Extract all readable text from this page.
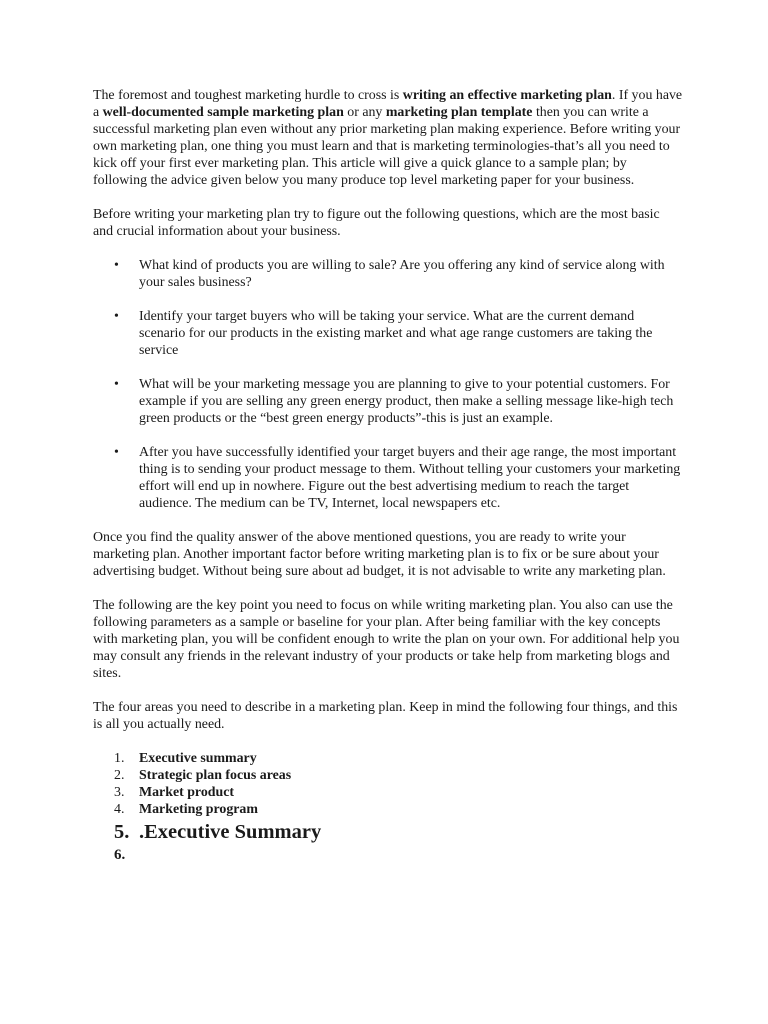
The foremost and toughest marketing hurdle to cross is writing an effective marketing plan. If you have a well-documented sample marketing plan or any marketing plan template then you can write a successful marketing plan even without any prior marketing plan making experience. Before writing your own marketing plan, one thing you must learn and that is marketing terminologies-that’s all you need to kick off your first ever marketing plan. This article will give a quick glance to a sample plan; by following the advice given below you many produce top level marketing paper for your business.

Before writing your marketing plan try to figure out the following questions, which are the most basic and crucial information about your business.

• What kind of products you are willing to sale? Are you offering any kind of service along with your sales business?
• Identify your target buyers who will be taking your service. What are the current demand scenario for our products in the existing market and what age range customers are taking the service
• What will be your marketing message you are planning to give to your potential customers. For example if you are selling any green energy product, then make a selling message like-high tech green products or the “best green energy products”-this is just an example.
• After you have successfully identified your target buyers and their age range, the most important thing is to sending your product message to them. Without telling your customers your marketing effort will end up in nowhere. Figure out the best advertising medium to reach the target audience. The medium can be TV, Internet, local newspapers etc.

Once you find the quality answer of the above mentioned questions, you are ready to write your marketing plan. Another important factor before writing marketing plan is to fix or be sure about your advertising budget. Without being sure about ad budget, it is not advisable to write any marketing plan.

The following are the key point you need to focus on while writing marketing plan. You also can use the following parameters as a sample or baseline for your plan. After being familiar with the key concepts with marketing plan, you will be confident enough to write the plan on your own. For additional help you may consult any friends in the relevant industry of your products or take help from marketing blogs and sites.

The four areas you need to describe in a marketing plan. Keep in mind the following four things, and this is all you actually need.

1. Executive summary
2. Strategic plan focus areas
3. Market product
4. Marketing program
5. .Executive Summary
6.
